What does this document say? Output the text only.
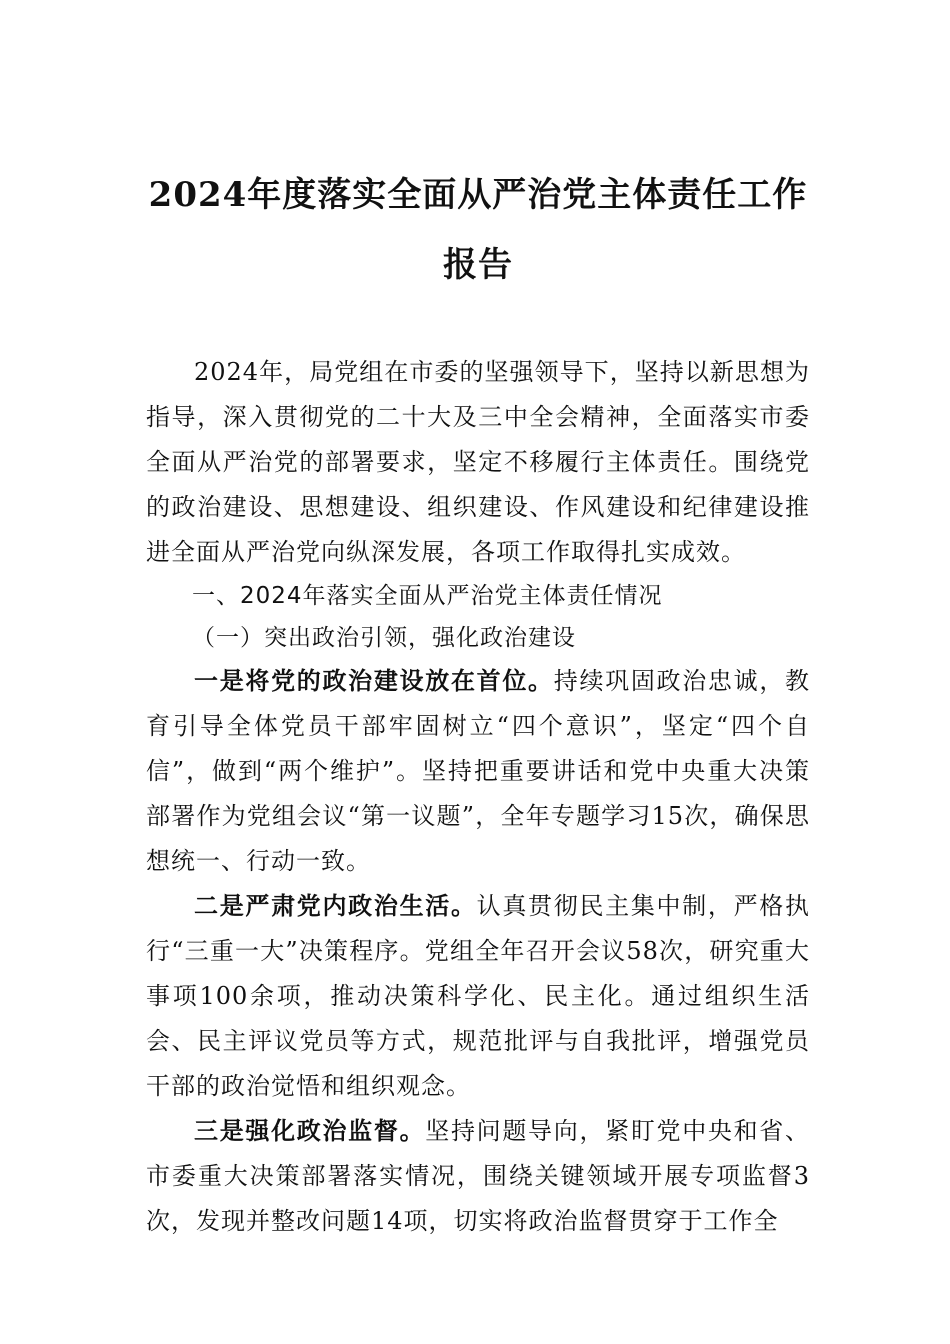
2024年度落实全面从严治党主体责任工作报告

2024年，局党组在市委的坚强领导下，坚持以新思想为指导，深入贯彻党的二十大及三中全会精神，全面落实市委全面从严治党的部署要求，坚定不移履行主体责任。围绕党的政治建设、思想建设、组织建设、作风建设和纪律建设推进全面从严治党向纵深发展，各项工作取得扎实成效。

一、2024年落实全面从严治党主体责任情况

（一）突出政治引领，强化政治建设

一是将党的政治建设放在首位。持续巩固政治忠诚，教育引导全体党员干部牢固树立“四个意识”，坚定“四个自信”，做到“两个维护”。坚持把重要讲话和党中央重大决策部署作为党组会议“第一议题”，全年专题学习15次，确保思想统一、行动一致。

二是严肃党内政治生活。认真贯彻民主集中制，严格执行“三重一大”决策程序。党组全年召开会议58次，研究重大事项100余项，推动决策科学化、民主化。通过组织生活会、民主评议党员等方式，规范批评与自我批评，增强党员干部的政治觉悟和组织观念。

三是强化政治监督。坚持问题导向，紧盯党中央和省、市委重大决策部署落实情况，围绕关键领域开展专项监督3次，发现并整改问题14项，切实将政治监督贯穿于工作全
